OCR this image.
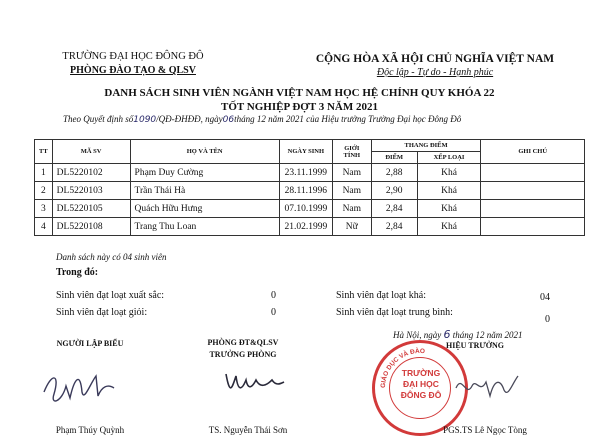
TRƯỜNG ĐẠI HỌC ĐÔNG ĐÔ
PHÒNG ĐÀO TẠO & QLSV
CỘNG HÒA XÃ HỘI CHỦ NGHĨA VIỆT NAM
Độc lập - Tự do - Hạnh phúc
DANH SÁCH SINH VIÊN NGÀNH VIỆT NAM HỌC HỆ CHÍNH QUY KHÓA 22
TỐT NGHIỆP ĐỢT 3 NĂM 2021
Theo Quyết định số1090/QĐ-ĐHĐĐ, ngày06tháng 12 năm 2021 của Hiệu trưởng Trường Đại học Đông Đô
TT	MÃ SV	HỌ VÀ TÊN	NGÀY SINH	GIỚI TÍNH	THANG ĐIỂM		GHI CHÚ
					ĐIỂM	XẾP LOẠI	
1	DL5220102	Phạm Duy Cường	23.11.1999	Nam	2,88	Khá	
2	DL5220103	Trần Thái Hà	28.11.1996	Nam	2,90	Khá	
3	DL5220105	Quách Hữu Hưng	07.10.1999	Nam	2,84	Khá	
4	DL5220108	Trang Thu Loan	21.02.1999	Nữ	2,84	Khá	
Danh sách này có 04 sinh viên
Trong đó:
Sinh viên đạt loạt xuất sắc:	0
Sinh viên đạt loạt giỏi:	0
Sinh viên đạt loạt khá:	04
Sinh viên đạt loạt trung bình:
0
Hà Nội, ngày 6 tháng 12 năm 2021
NGƯỜI LẬP BIỂU	PHÒNG ĐT&QLSV
TRƯỞNG PHÒNG
HIỆU TRƯỞNG
GIÁO DỤC VÀ ĐÀO
TRƯỜNG
ĐẠI HỌC
ĐÔNG ĐÔ
Phạm Thúy Quỳnh	TS. Nguyễn Thái Sơn	PGS.TS Lê Ngọc Tòng
